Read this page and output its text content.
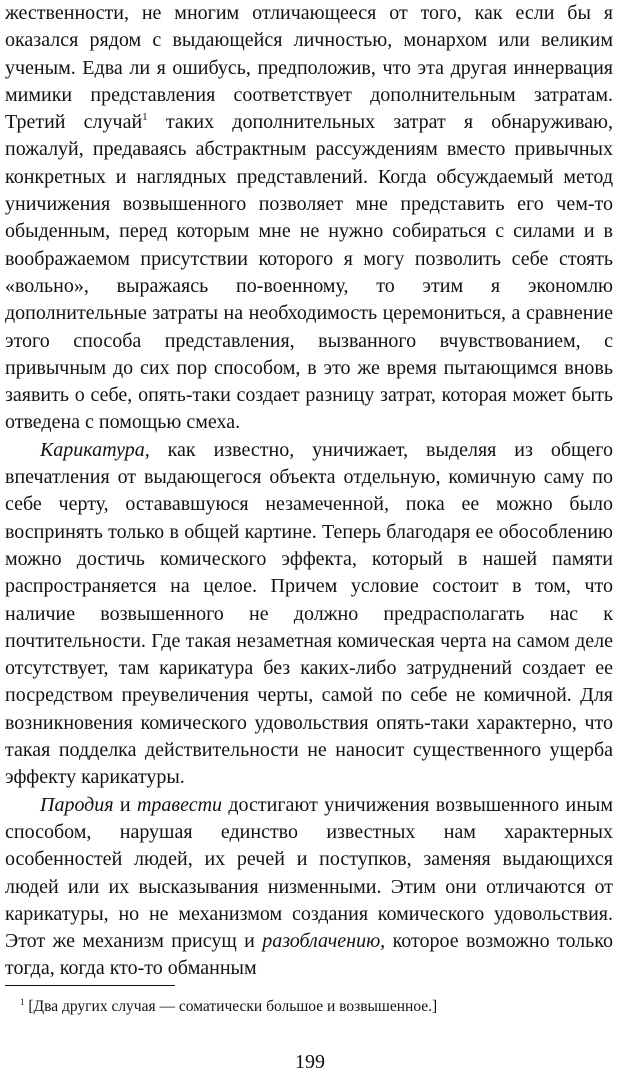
жественности, не многим отличающееся от того, как если бы я оказался рядом с выдающейся личностью, монархом или великим ученым. Едва ли я ошибусь, предположив, что эта другая иннервация мимики представления соответствует дополнительным затратам. Третий случай$^1$ таких дополнительных затрат я обнаруживаю, пожалуй, предаваясь абстрактным рассуждениям вместо привычных конкретных и наглядных представлений. Когда обсуждаемый метод уничижения возвышенного позволяет мне представить его чем-то обыденным, перед которым мне не нужно собираться с силами и в воображаемом присутствии которого я могу позволить себе стоять «вольно», выражаясь по-военному, то этим я экономлю дополнительные затраты на необходимость церемониться, а сравнение этого способа представления, вызванного вчувствованием, с привычным до сих пор способом, в это же время пытающимся вновь заявить о себе, опять-таки создает разницу затрат, которая может быть отведена с помощью смеха.

Карикатура, как известно, уничижает, выделяя из общего впечатления от выдающегося объекта отдельную, комичную саму по себе черту, остававшуюся незамеченной, пока ее можно было воспринять только в общей картине. Теперь благодаря ее обособлению можно достичь комического эффекта, который в нашей памяти распространяется на целое. Причем условие состоит в том, что наличие возвышенного не должно предрасполагать нас к почтительности. Где такая незаметная комическая черта на самом деле отсутствует, там карикатура без каких-либо затруднений создает ее посредством преувеличения черты, самой по себе не комичной. Для возникновения комического удовольствия опять-таки характерно, что такая подделка действительности не наносит существенного ущерба эффекту карикатуры.

Пародия и травести достигают уничижения возвышенного иным способом, нарушая единство известных нам характерных особенностей людей, их речей и поступков, заменяя выдающихся людей или их высказывания низменными. Этим они отличаются от карикатуры, но не механизмом создания комического удовольствия. Этот же механизм присущ и разоблачению, которое возможно только тогда, когда кто-то обманным

$^1$ [Два других случая — соматически большое и возвышенное.]
199
